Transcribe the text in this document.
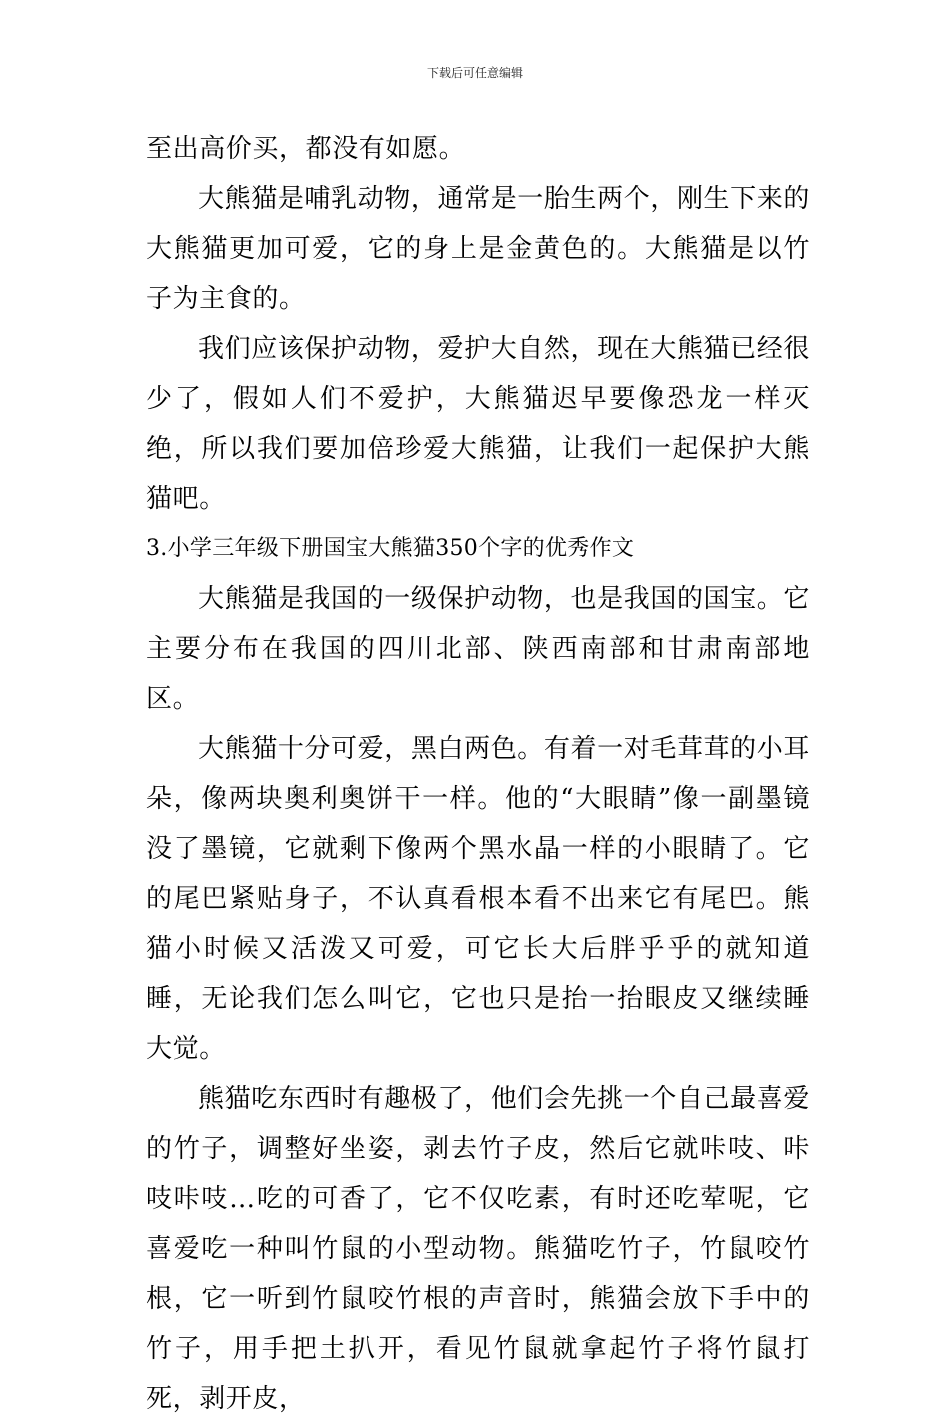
下载后可任意编辑

至出高价买，都没有如愿。

大熊猫是哺乳动物，通常是一胎生两个，刚生下来的大熊猫更加可爱，它的身上是金黄色的。大熊猫是以竹子为主食的。

我们应该保护动物，爱护大自然，现在大熊猫已经很少了，假如人们不爱护，大熊猫迟早要像恐龙一样灭绝，所以我们要加倍珍爱大熊猫，让我们一起保护大熊猫吧。

3.小学三年级下册国宝大熊猫350个字的优秀作文

大熊猫是我国的一级保护动物，也是我国的国宝。它主要分布在我国的四川北部、陕西南部和甘肃南部地区。

大熊猫十分可爱，黑白两色。有着一对毛茸茸的小耳朵，像两块奥利奥饼干一样。他的“大眼睛”像一副墨镜没了墨镜，它就剩下像两个黑水晶一样的小眼睛了。它的尾巴紧贴身子，不认真看根本看不出来它有尾巴。熊猫小时候又活泼又可爱，可它长大后胖乎乎的就知道睡，无论我们怎么叫它，它也只是抬一抬眼皮又继续睡大觉。

熊猫吃东西时有趣极了，他们会先挑一个自己最喜爱的竹子，调整好坐姿，剥去竹子皮，然后它就咔吱、咔吱咔吱…吃的可香了，它不仅吃素，有时还吃荤呢，它喜爱吃一种叫竹鼠的小型动物。熊猫吃竹子，竹鼠咬竹根，它一听到竹鼠咬竹根的声音时，熊猫会放下手中的竹子，用手把土扒开，看见竹鼠就拿起竹子将竹鼠打死，剥开皮，
